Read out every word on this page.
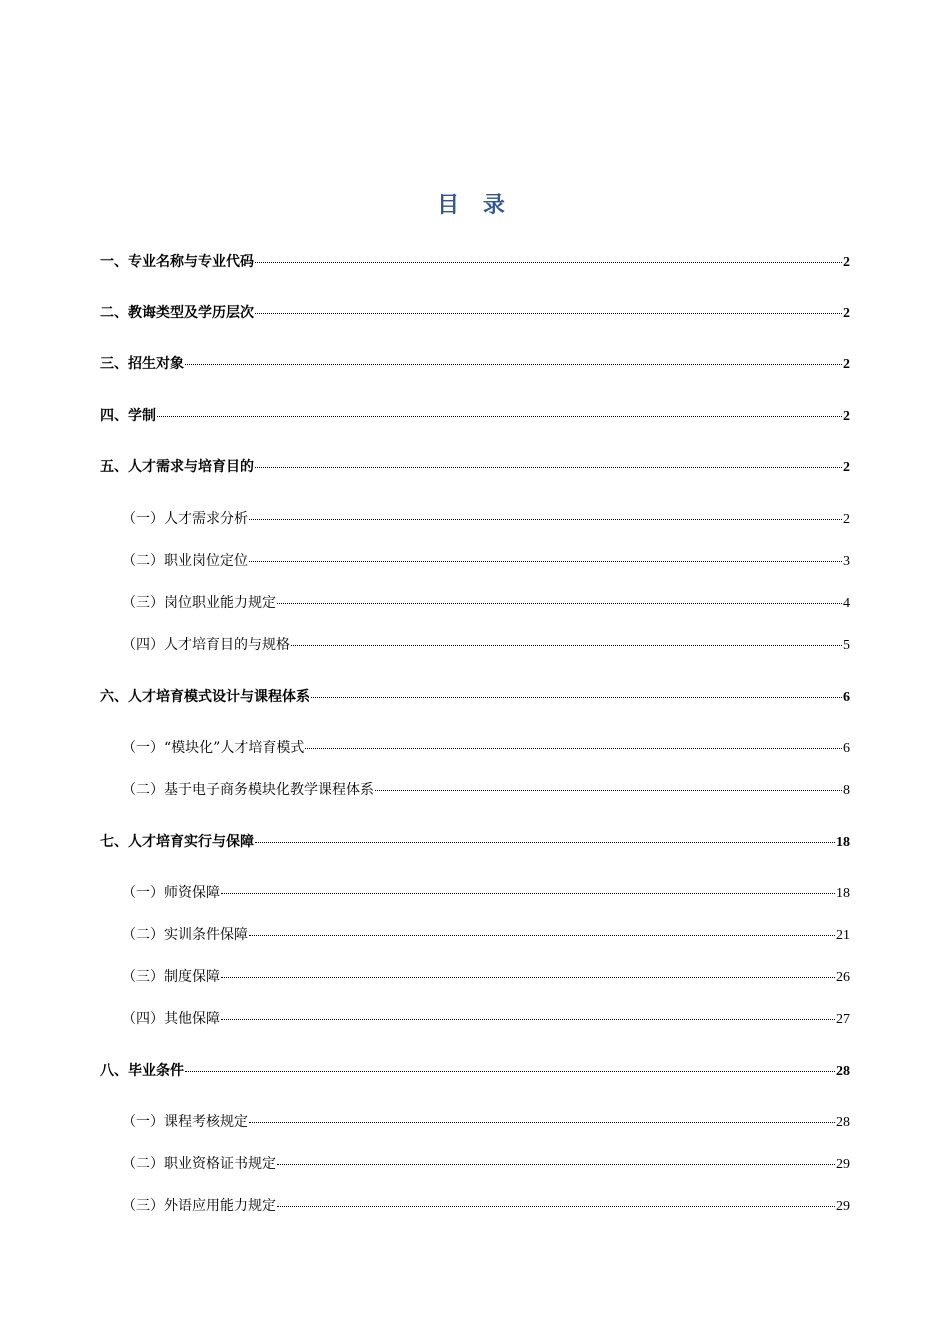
目 录
一、专业名称与专业代码	2
二、教诲类型及学历层次	2
三、招生对象	2
四、学制	2
五、人才需求与培育目的	2
（一）人才需求分析	2
（二）职业岗位定位	3
（三）岗位职业能力规定	4
（四）人才培育目的与规格	5
六、人才培育模式设计与课程体系	6
（一）“模块化”人才培育模式	6
（二）基于电子商务模块化教学课程体系	8
七、人才培育实行与保障	18
（一）师资保障	18
（二）实训条件保障	21
（三）制度保障	26
（四）其他保障	27
八、毕业条件	28
（一）课程考核规定	28
（二）职业资格证书规定	29
（三）外语应用能力规定	29
